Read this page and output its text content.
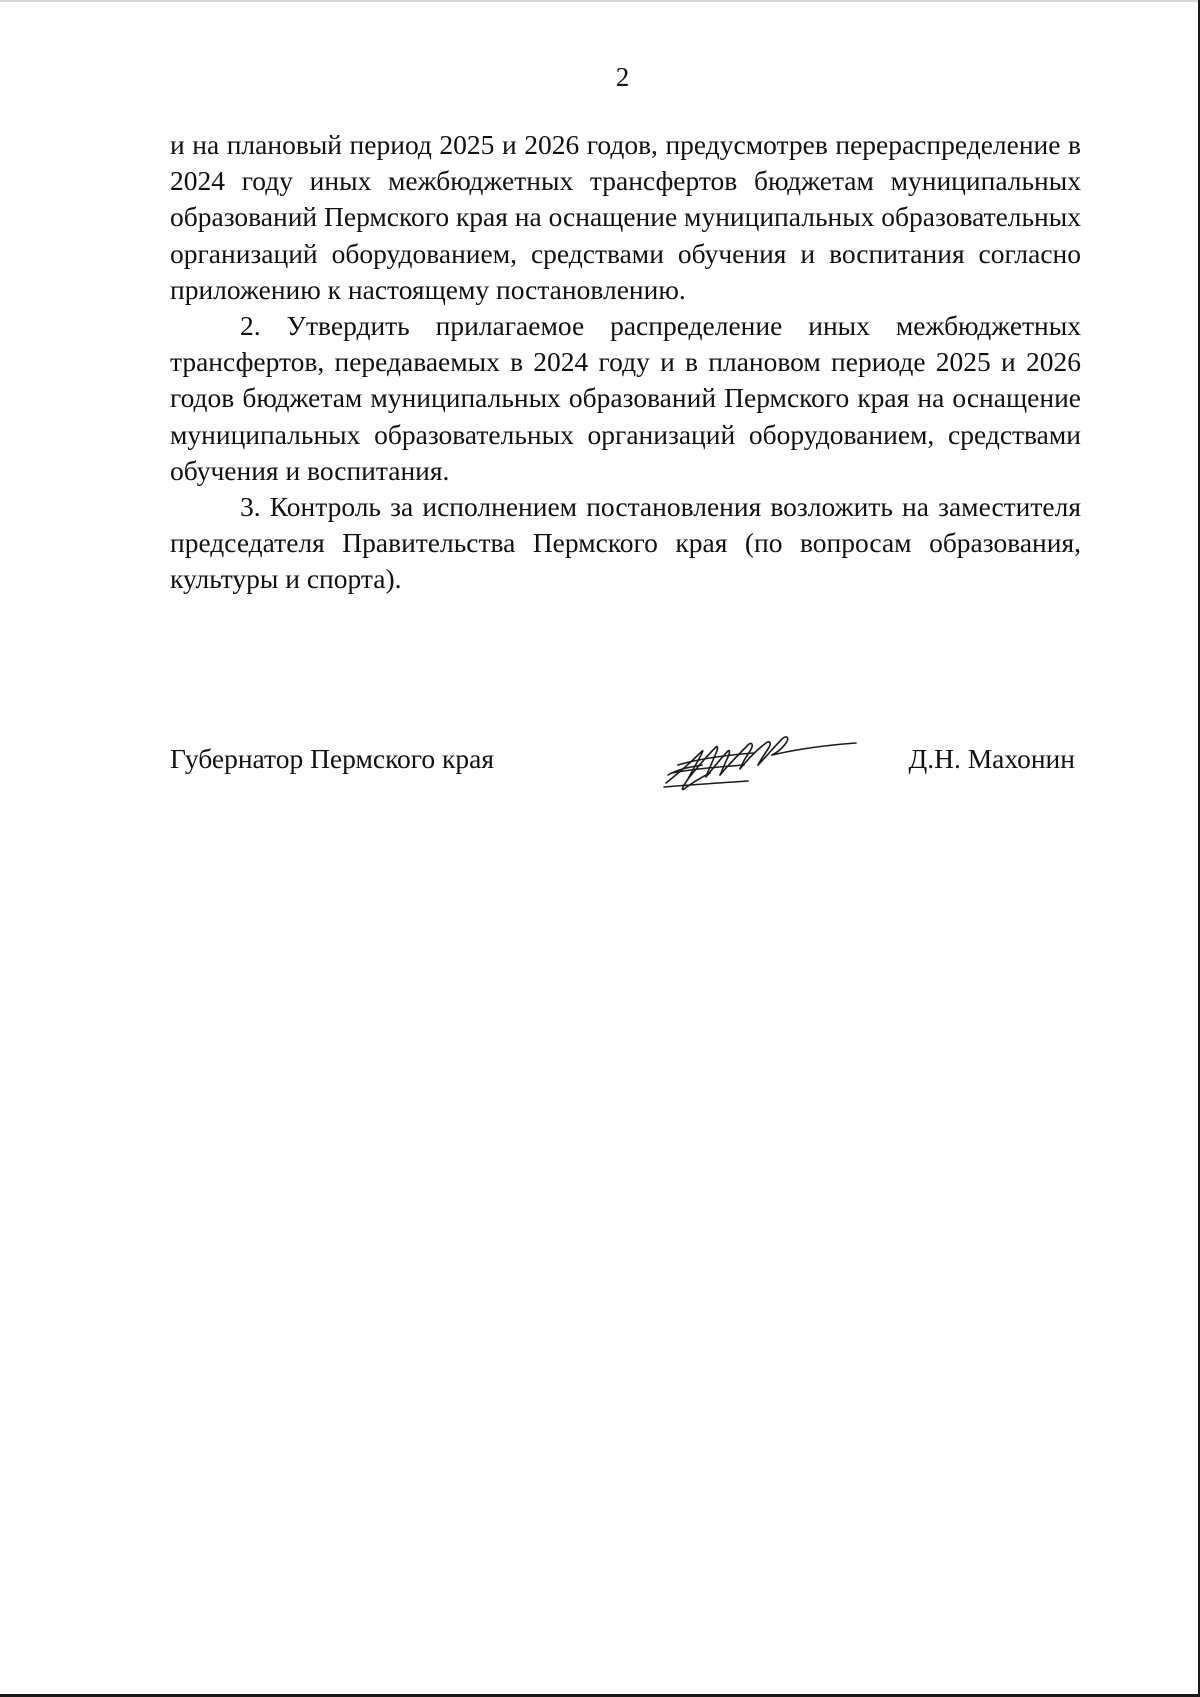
2

и на плановый период 2025 и 2026 годов, предусмотрев перераспределение в 2024 году иных межбюджетных трансфертов бюджетам муниципальных образований Пермского края на оснащение муниципальных образовательных организаций оборудованием, средствами обучения и воспитания согласно приложению к настоящему постановлению.

2. Утвердить прилагаемое распределение иных межбюджетных трансфертов, передаваемых в 2024 году и в плановом периоде 2025 и 2026 годов бюджетам муниципальных образований Пермского края на оснащение муниципальных образовательных организаций оборудованием, средствами обучения и воспитания.

3. Контроль за исполнением постановления возложить на заместителя председателя Правительства Пермского края (по вопросам образования, культуры и спорта).

Губернатор Пермского края	Д.Н. Махонин
